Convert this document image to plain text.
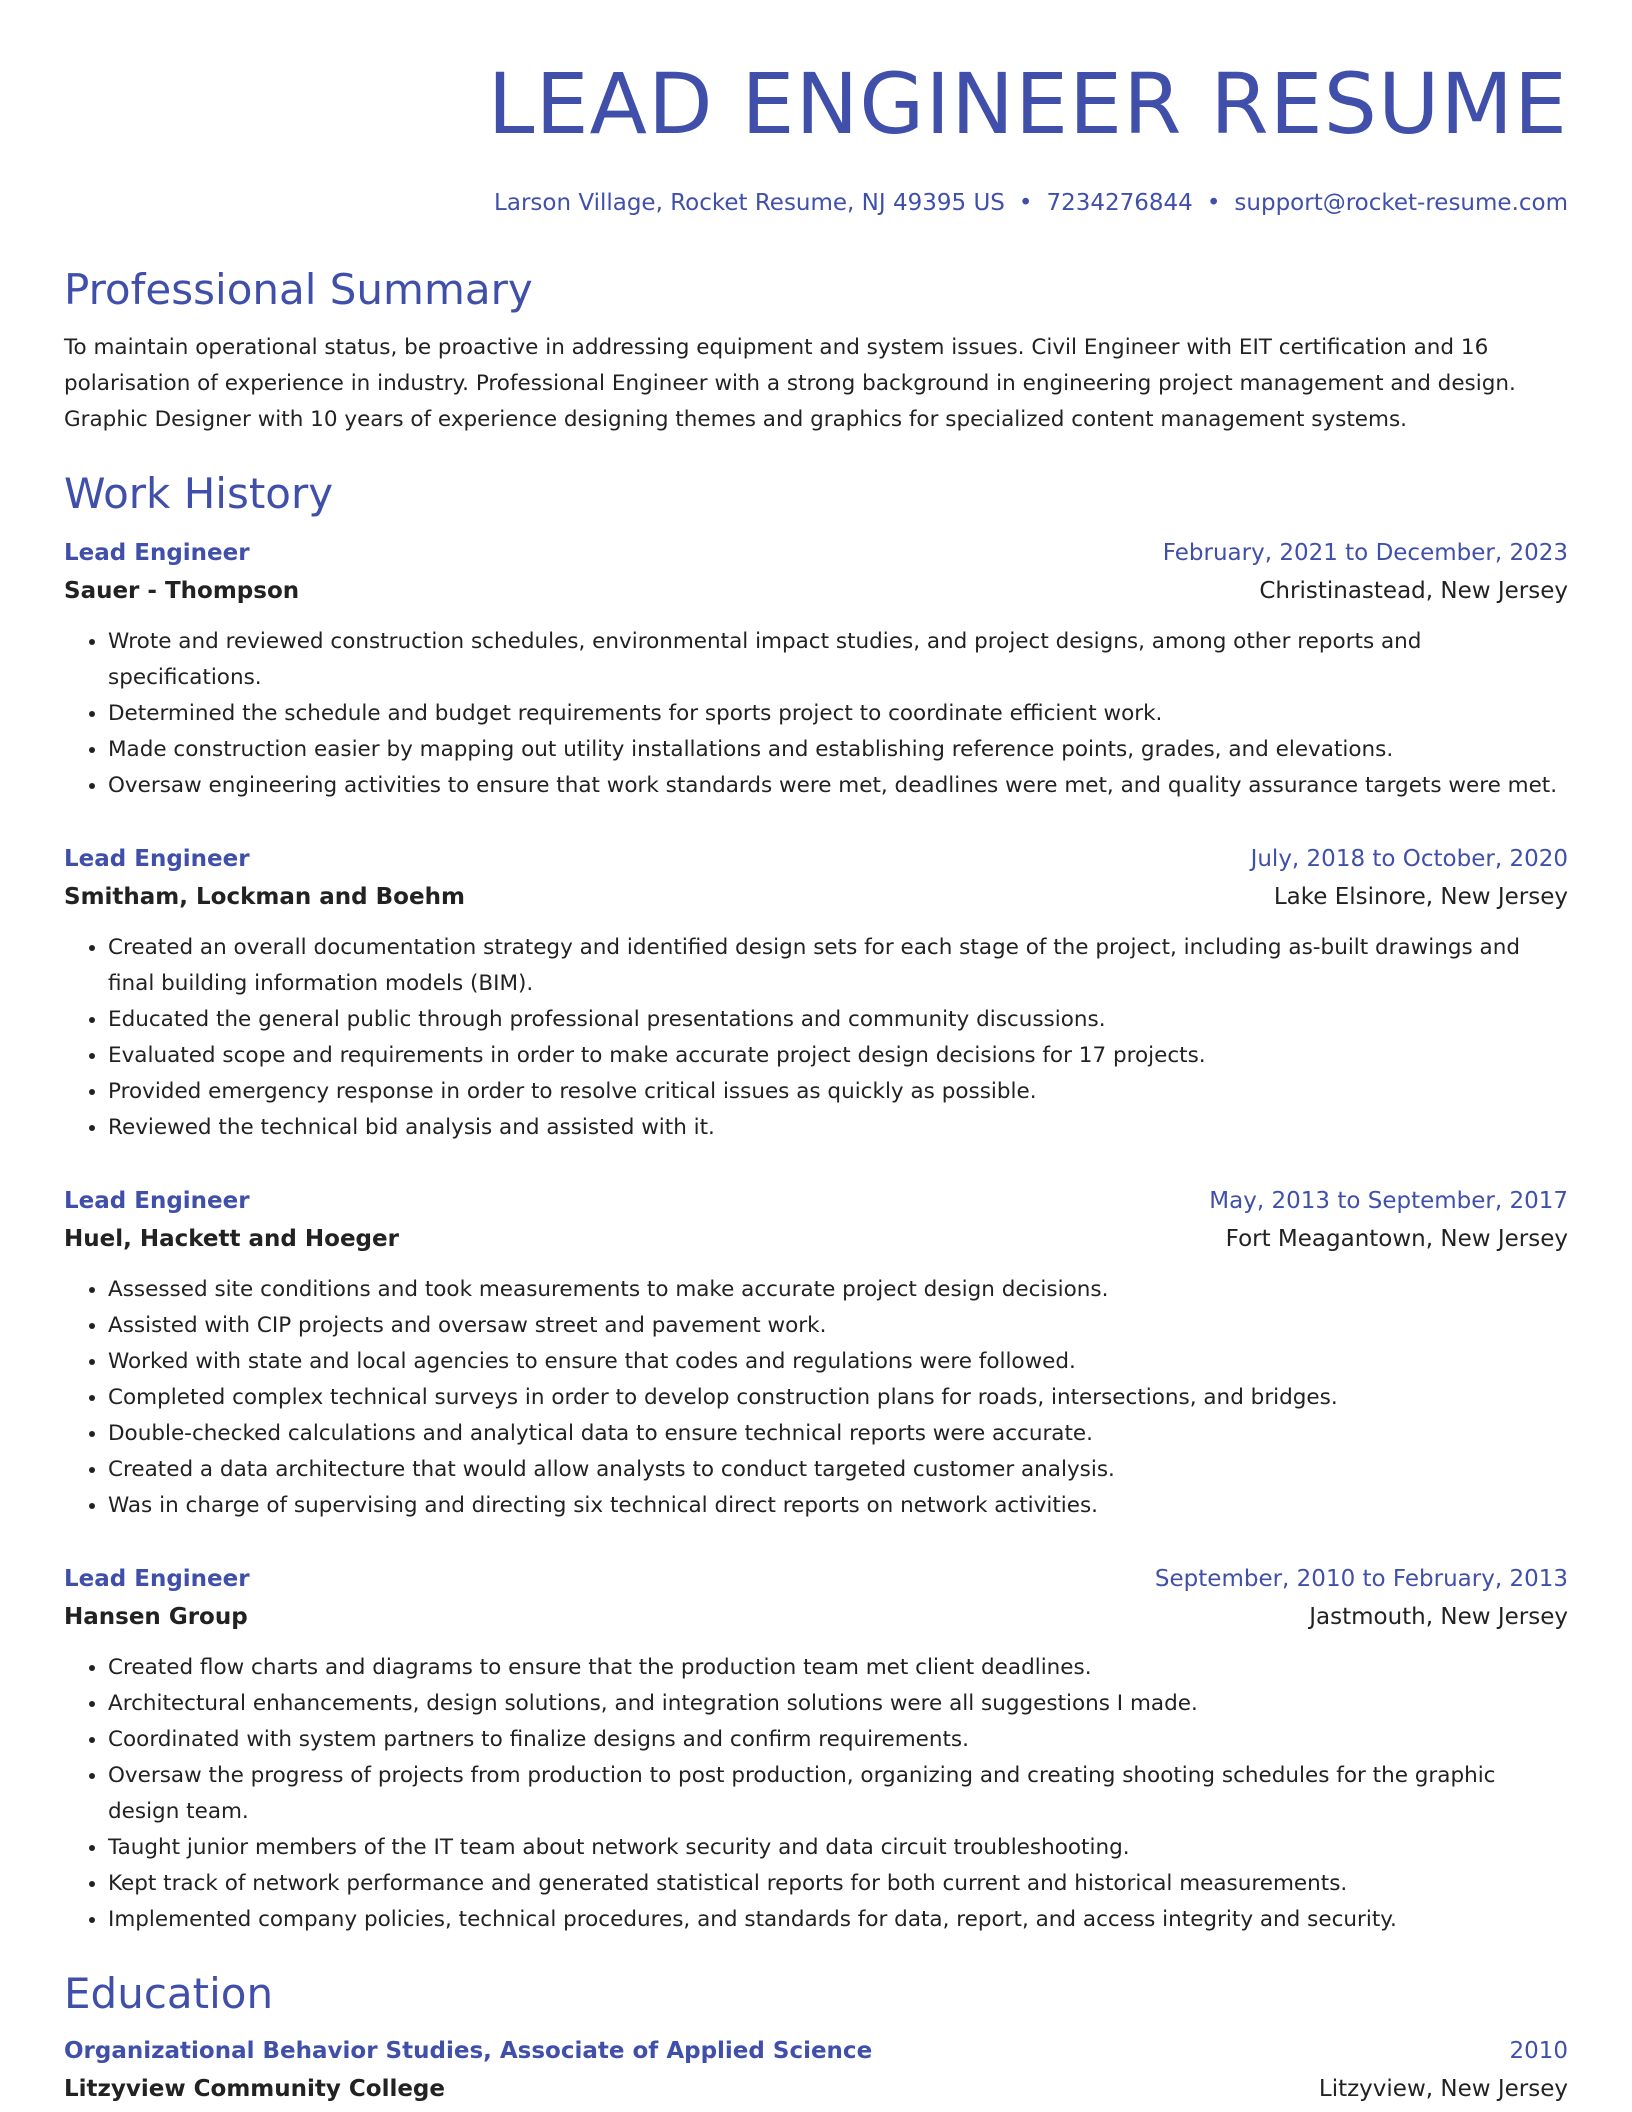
LEAD ENGINEER RESUME
Larson Village, Rocket Resume, NJ 49395 US • 7234276844 • support@rocket-resume.com
Professional Summary
To maintain operational status, be proactive in addressing equipment and system issues. Civil Engineer with EIT certification and 16 polarisation of experience in industry. Professional Engineer with a strong background in engineering project management and design. Graphic Designer with 10 years of experience designing themes and graphics for specialized content management systems.
Work History
Lead Engineer	February, 2021 to December, 2023
Sauer - Thompson	Christinastead, New Jersey
• Wrote and reviewed construction schedules, environmental impact studies, and project designs, among other reports and specifications.
• Determined the schedule and budget requirements for sports project to coordinate efficient work.
• Made construction easier by mapping out utility installations and establishing reference points, grades, and elevations.
• Oversaw engineering activities to ensure that work standards were met, deadlines were met, and quality assurance targets were met.
Lead Engineer	July, 2018 to October, 2020
Smitham, Lockman and Boehm	Lake Elsinore, New Jersey
• Created an overall documentation strategy and identified design sets for each stage of the project, including as-built drawings and final building information models (BIM).
• Educated the general public through professional presentations and community discussions.
• Evaluated scope and requirements in order to make accurate project design decisions for 17 projects.
• Provided emergency response in order to resolve critical issues as quickly as possible.
• Reviewed the technical bid analysis and assisted with it.
Lead Engineer	May, 2013 to September, 2017
Huel, Hackett and Hoeger	Fort Meagantown, New Jersey
• Assessed site conditions and took measurements to make accurate project design decisions.
• Assisted with CIP projects and oversaw street and pavement work.
• Worked with state and local agencies to ensure that codes and regulations were followed.
• Completed complex technical surveys in order to develop construction plans for roads, intersections, and bridges.
• Double-checked calculations and analytical data to ensure technical reports were accurate.
• Created a data architecture that would allow analysts to conduct targeted customer analysis.
• Was in charge of supervising and directing six technical direct reports on network activities.
Lead Engineer	September, 2010 to February, 2013
Hansen Group	Jastmouth, New Jersey
• Created flow charts and diagrams to ensure that the production team met client deadlines.
• Architectural enhancements, design solutions, and integration solutions were all suggestions I made.
• Coordinated with system partners to finalize designs and confirm requirements.
• Oversaw the progress of projects from production to post production, organizing and creating shooting schedules for the graphic design team.
• Taught junior members of the IT team about network security and data circuit troubleshooting.
• Kept track of network performance and generated statistical reports for both current and historical measurements.
• Implemented company policies, technical procedures, and standards for data, report, and access integrity and security.
Education
Organizational Behavior Studies, Associate of Applied Science	2010
Litzyview Community College	Litzyview, New Jersey
